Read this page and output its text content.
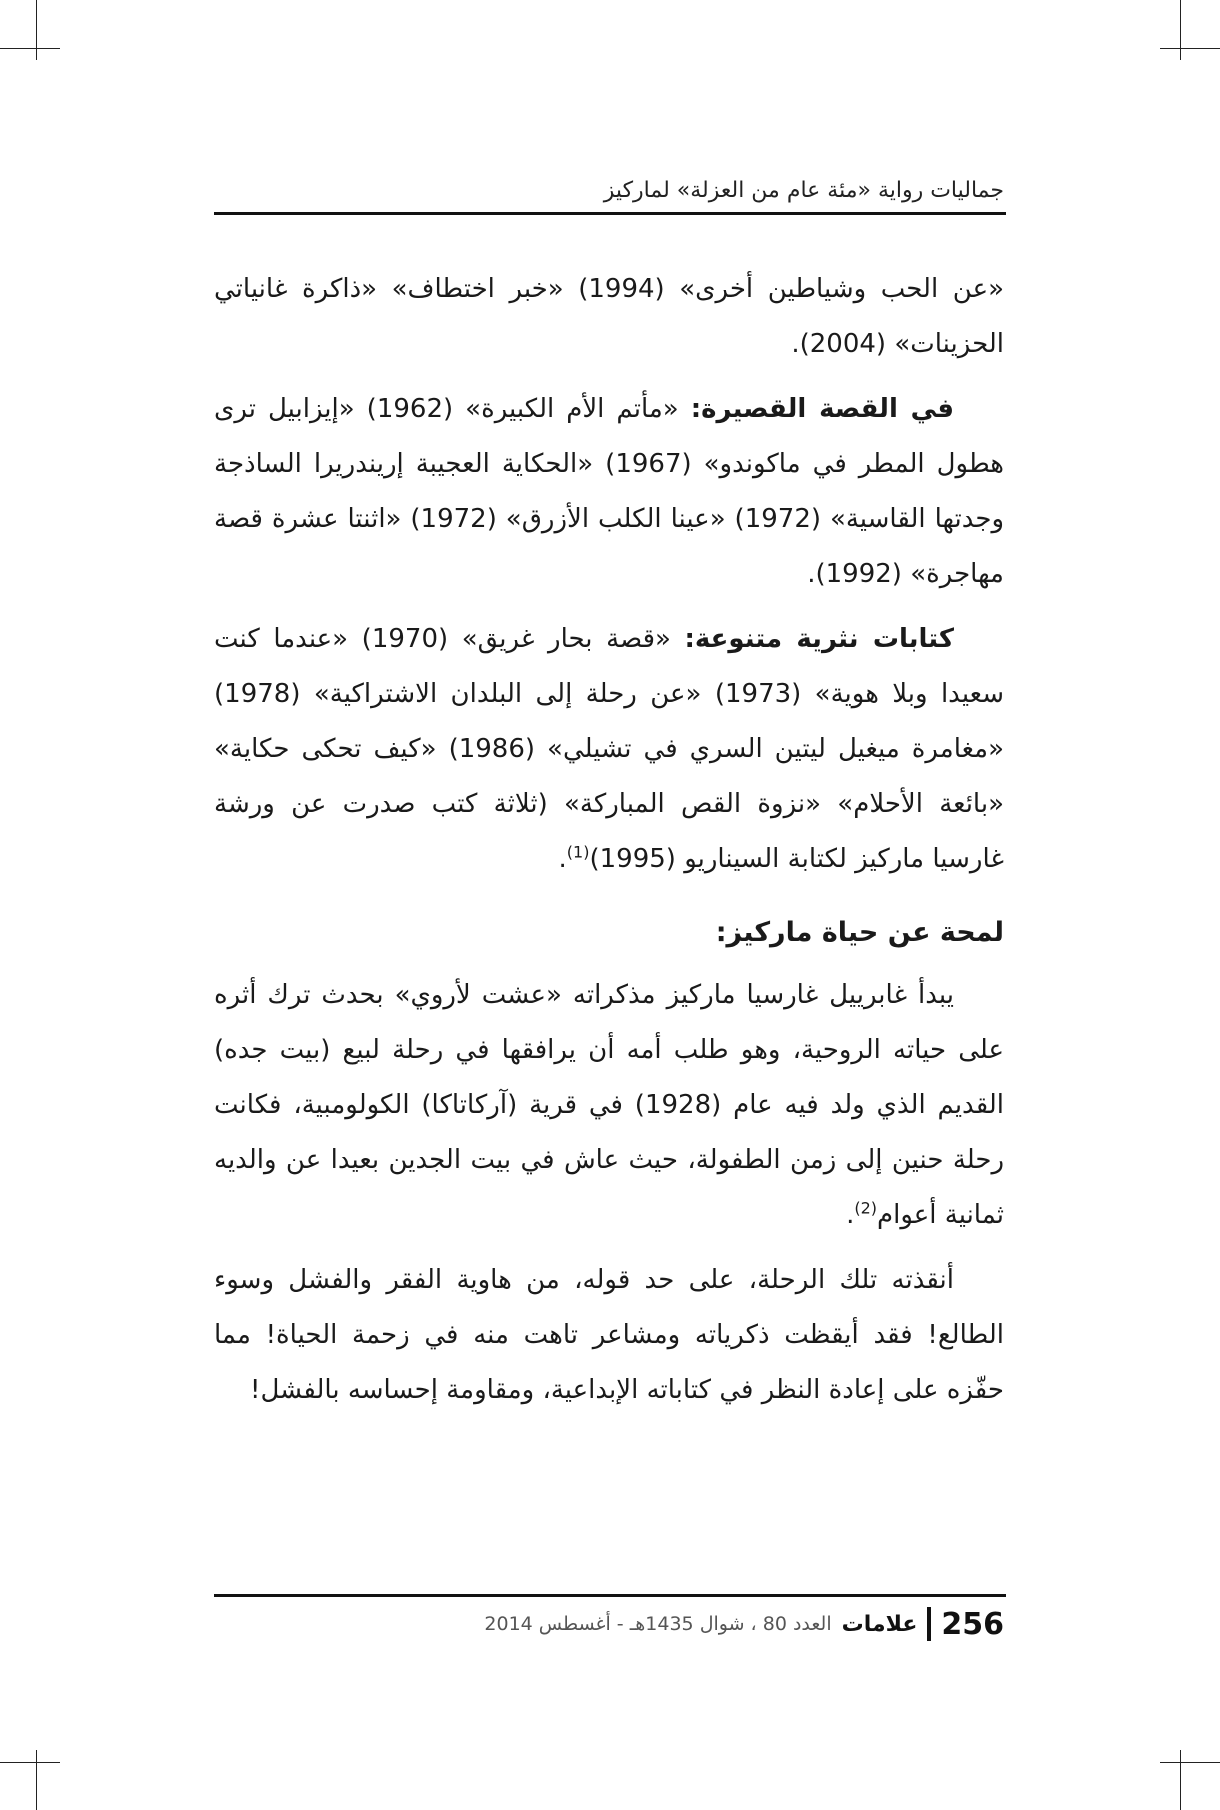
جماليات رواية «مئة عام من العزلة» لماركيز

«عن الحب وشياطين أخرى» (1994) «خبر اختطاف» «ذاكرة غانياتي الحزينات» (2004).

في القصة القصيرة: «مأتم الأم الكبيرة» (1962) «إيزابيل ترى هطول المطر في ماكوندو» (1967) «الحكاية العجيبة إريندريرا الساذجة وجدتها القاسية» (1972) «عينا الكلب الأزرق» (1972) «اثنتا عشرة قصة مهاجرة» (1992).

كتابات نثرية متنوعة: «قصة بحار غريق» (1970) «عندما كنت سعيدا وبلا هوية» (1973) «عن رحلة إلى البلدان الاشتراكية» (1978) «مغامرة ميغيل ليتين السري في تشيلي» (1986) «كيف تحكى حكاية» «بائعة الأحلام» «نزوة القص المباركة» (ثلاثة كتب صدرت عن ورشة غارسيا ماركيز لكتابة السيناريو $(1995)^{(1)}$.

لمحة عن حياة ماركيز:

يبدأ غابرييل غارسيا ماركيز مذكراته «عشت لأروي» بحدث ترك أثره على حياته الروحية، وهو طلب أمه أن يرافقها في رحلة لبيع (بيت جده) القديم الذي ولد فيه عام (1928) في قرية (آركاتاكا) الكولومبية، فكانت رحلة حنين إلى زمن الطفولة، حيث عاش في بيت الجدين بعيدا عن والديه ثمانية أعوام$^{(2)}$.

أنقذته تلك الرحلة، على حد قوله، من هاوية الفقر والفشل وسوء الطالع! فقد أيقظت ذكرياته ومشاعر تاهت منه في زحمة الحياة! مما حفّزه على إعادة النظر في كتاباته الإبداعية، ومقاومة إحساسه بالفشل!

256
علامات
العدد 80 ، شوال 1435هـ - أغسطس 2014
